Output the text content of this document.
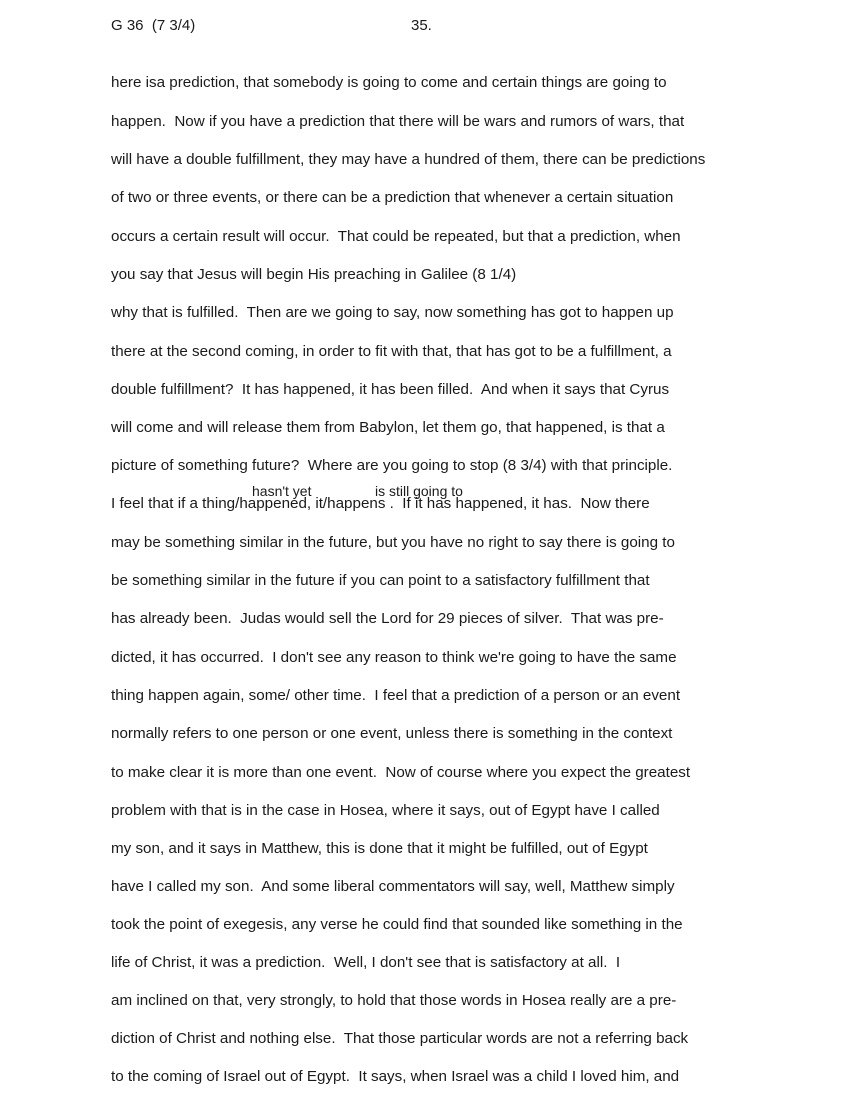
G 36  (7 3/4)	35.
hasn't yet	is still going to
here isa prediction, that somebody is going to come and certain things are going to
happen.  Now if you have a prediction that there will be wars and rumors of wars, that
will have a double fulfillment, they may have a hundred of them, there can be predictions
of two or three events, or there can be a prediction that whenever a certain situation
occurs a certain result will occur.  That could be repeated, but that a prediction, when
you say that Jesus will begin His preaching in Galilee (8 1/4)
why that is fulfilled.  Then are we going to say, now something has got to happen up
there at the second coming, in order to fit with that, that has got to be a fulfillment, a
double fulfillment?  It has happened, it has been filled.  And when it says that Cyrus
will come and will release them from Babylon, let them go, that happened, is that a
picture of something future?  Where are you going to stop (8 3/4) with that principle.
I feel that if a thing/happened, it/happens .  If it has happened, it has.  Now there
may be something similar in the future, but you have no right to say there is going to
be something similar in the future if you can point to a satisfactory fulfillment that
has already been.  Judas would sell the Lord for 29 pieces of silver.  That was pre-
dicted, it has occurred.  I don't see any reason to think we're going to have the same
thing happen again, some/ other time.  I feel that a prediction of a person or an event
normally refers to one person or one event, unless there is something in the context
to make clear it is more than one event.  Now of course where you expect the greatest
problem with that is in the case in Hosea, where it says, out of Egypt have I called
my son, and it says in Matthew, this is done that it might be fulfilled, out of Egypt
have I called my son.  And some liberal commentators will say, well, Matthew simply
took the point of exegesis, any verse he could find that sounded like something in the
life of Christ, it was a prediction.  Well, I don't see that is satisfactory at all.  I
am inclined on that, very strongly, to hold that those words in Hosea really are a pre-
diction of Christ and nothing else.  That those particular words are not a referring back
to the coming of Israel out of Egypt.  It says, when Israel was a child I loved him, and
